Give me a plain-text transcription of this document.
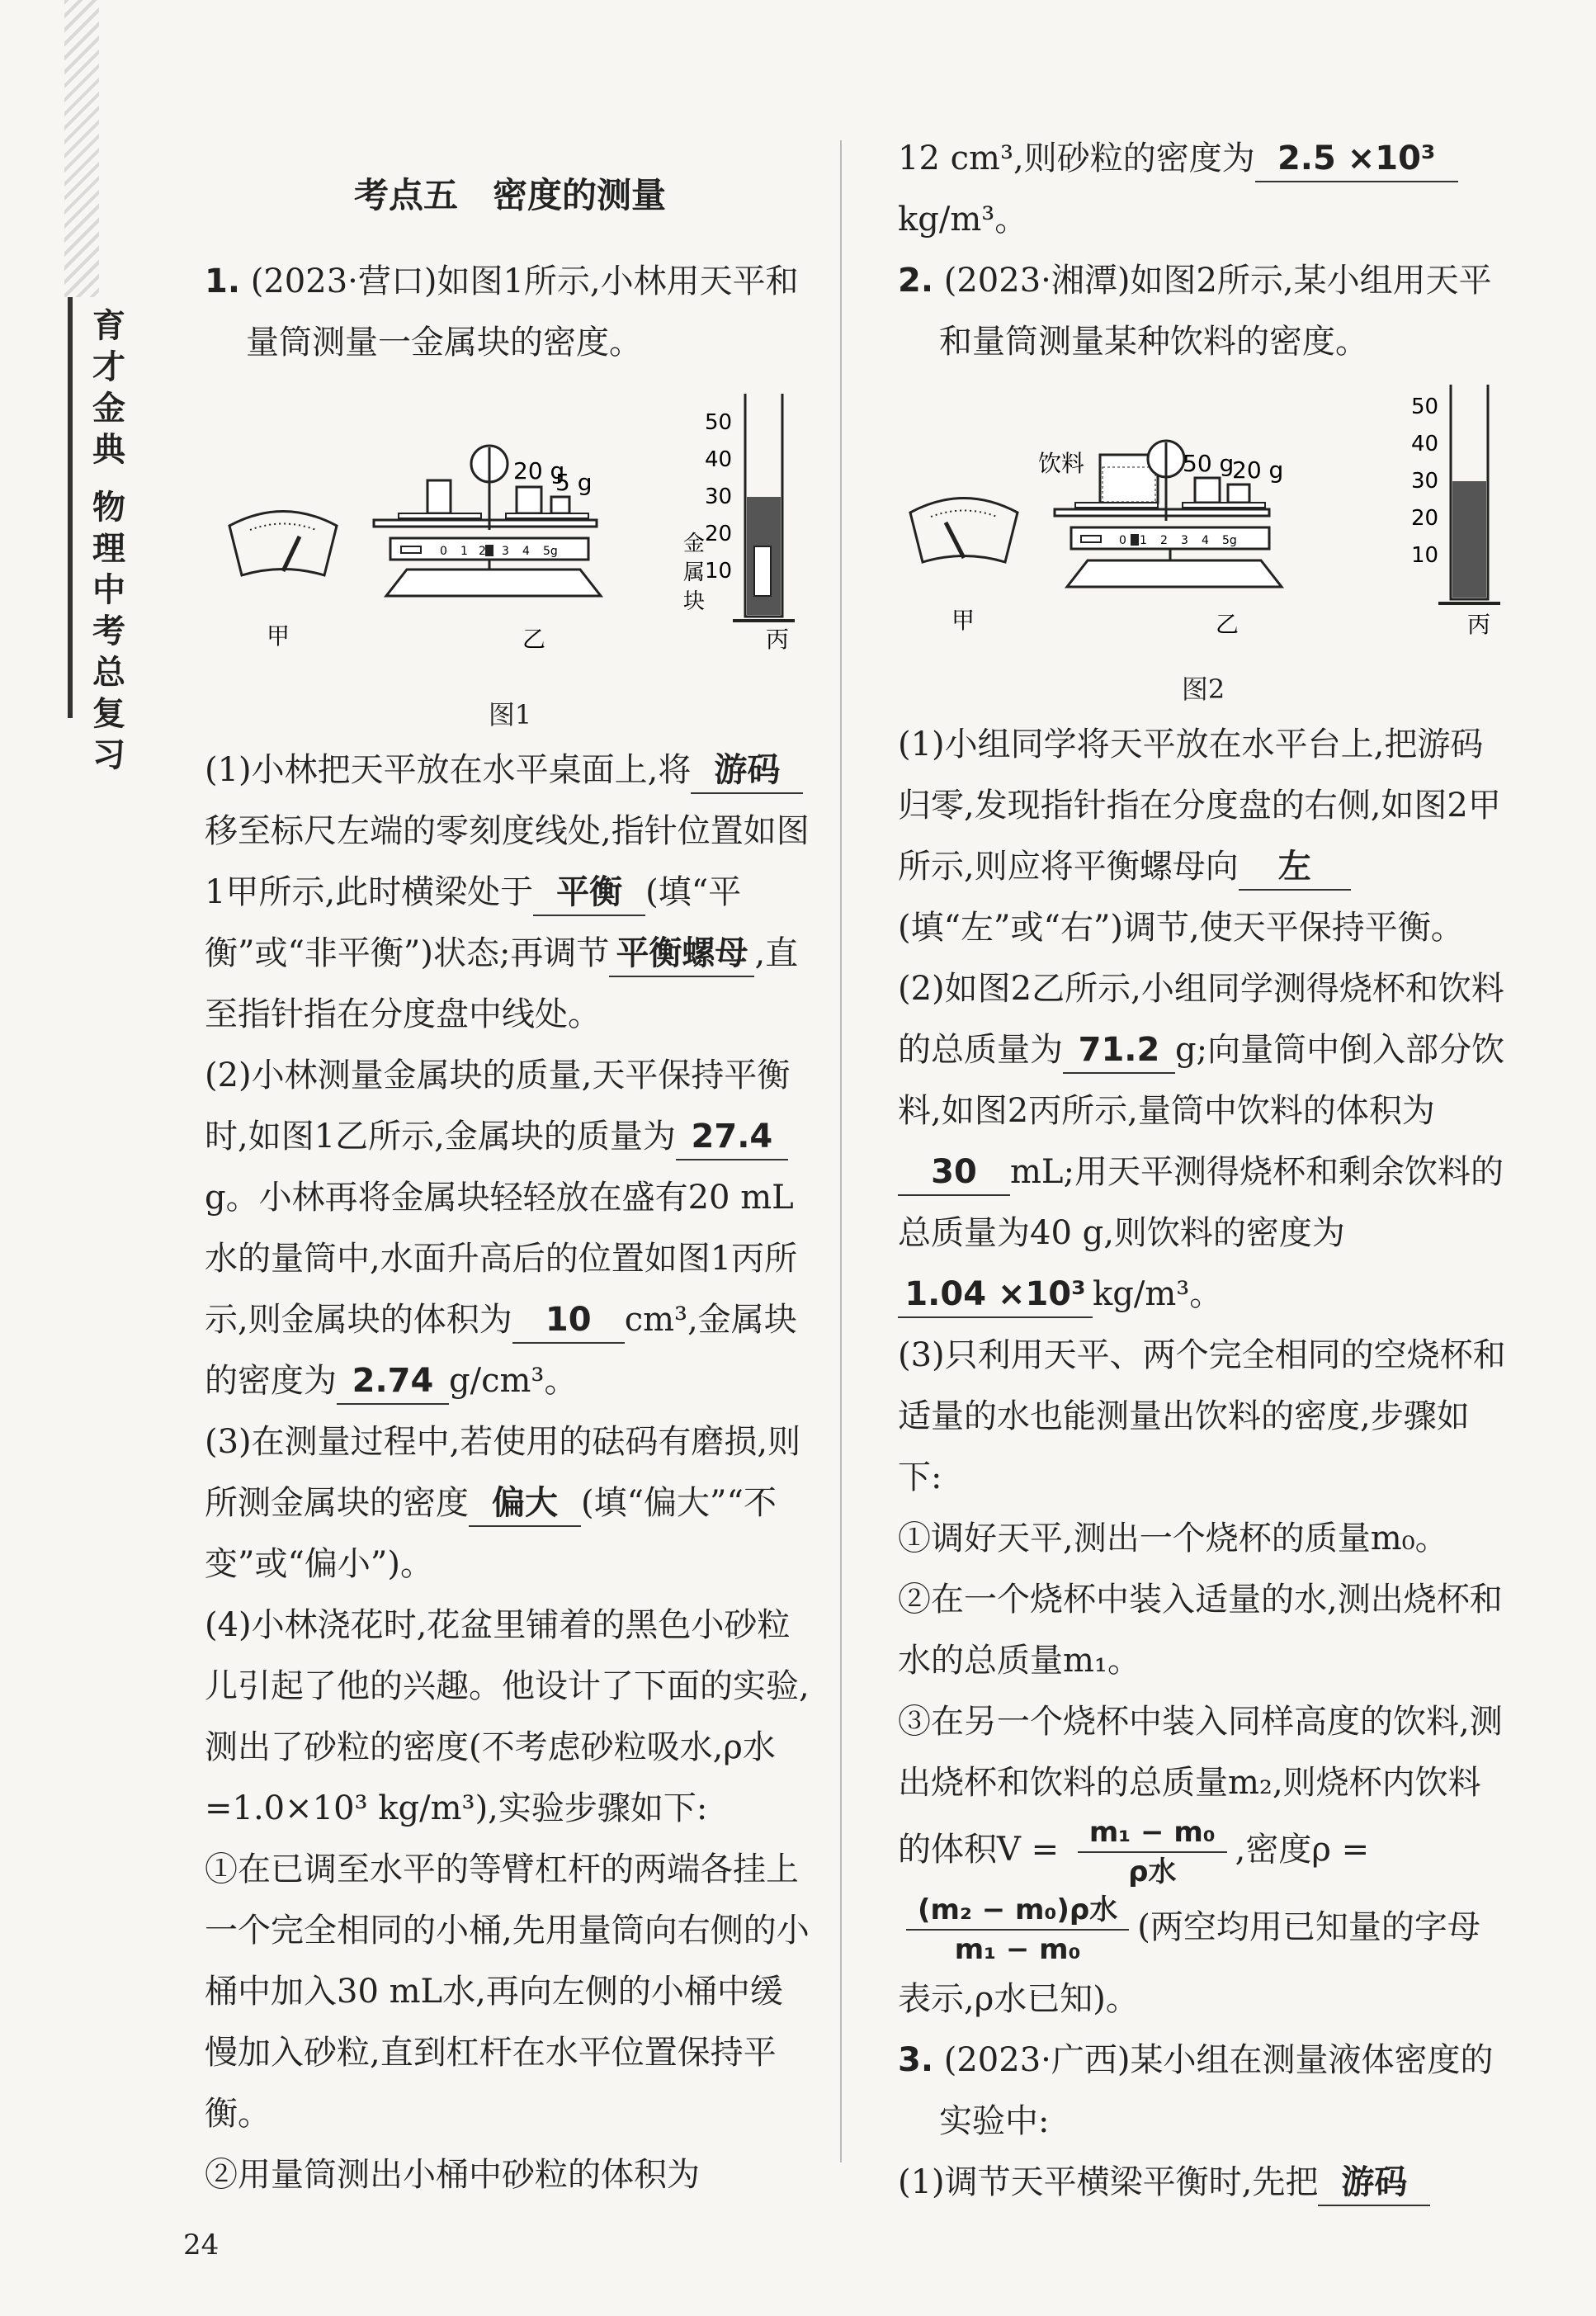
育
才
金
典
物
理
中
考
总
复
习
考点五　密度的测量

1. (2023·营口)如图1所示,小林用天平和量筒测量一金属块的密度。

20 g
5 g
0 1 2 3 4 5g
50
40
30
20
10
金
属
块
甲	乙	丙
图1

(1)小林把天平放在水平桌面上,将 游码移至标尺左端的零刻度线处,指针位置如图1甲所示,此时横梁处于 平衡 (填“平衡”或“非平衡”)状态;再调节 平衡螺母 ,直至指针指在分度盘中线处。

(2)小林测量金属块的质量,天平保持平衡时,如图1乙所示,金属块的质量为 27.4g。小林再将金属块轻轻放在盛有20 mL水的量筒中,水面升高后的位置如图1丙所示,则金属块的体积为 10 cm³,金属块的密度为 2.74 g/cm³。

(3)在测量过程中,若使用的砝码有磨损,则所测金属块的密度 偏大 (填“偏大”“不变”或“偏小”)。

(4)小林浇花时,花盆里铺着的黑色小砂粒儿引起了他的兴趣。他设计了下面的实验,测出了砂粒的密度(不考虑砂粒吸水,ρ水=1.0×10³ kg/m³),实验步骤如下:

①在已调至水平的等臂杠杆的两端各挂上一个完全相同的小桶,先用量筒向右侧的小桶中加入30 mL水,再向左侧的小桶中缓慢加入砂粒,直到杠杆在水平位置保持平衡。

②用量筒测出小桶中砂粒的体积为

12 cm³,则砂粒的密度为 2.5 ×10³
kg/m³。

2. (2023·湘潭)如图2所示,某小组用天平和量筒测量某种饮料的密度。

饮料	50 g
20 g
0 1 2 3 4 5g
50
40
30
20
10
甲	乙	丙
图2

(1)小组同学将天平放在水平台上,把游码归零,发现指针指在分度盘的右侧,如图2甲所示,则应将平衡螺母向 左(填“左”或“右”)调节,使天平保持平衡。

(2)如图2乙所示,小组同学测得烧杯和饮料的总质量为 71.2 g;向量筒中倒入部分饮料,如图2丙所示,量筒中饮料的体积为30 mL;用天平测得烧杯和剩余饮料的总质量为40 g,则饮料的密度为1.04 ×10³ kg/m³。

(3)只利用天平、两个完全相同的空烧杯和适量的水也能测量出饮料的密度,步骤如下:

①调好天平,测出一个烧杯的质量m₀。

②在一个烧杯中装入适量的水,测出烧杯和水的总质量m₁。

③在另一个烧杯中装入同样高度的饮料,测出烧杯和饮料的总质量m₂,则烧杯内饮料的体积$V = \frac{\text{m₁ − m₀}}{\text{ρ水}}$ ,密度ρ =

$\frac{\text{(m₂ − m₀)ρ水}}{\text{m₁ − m₀}}$ (两空均用已知量的字母表示,ρ水已知)。

3. (2023·广西)某小组在测量液体密度的实验中:

(1)调节天平横梁平衡时,先把 游码

24
